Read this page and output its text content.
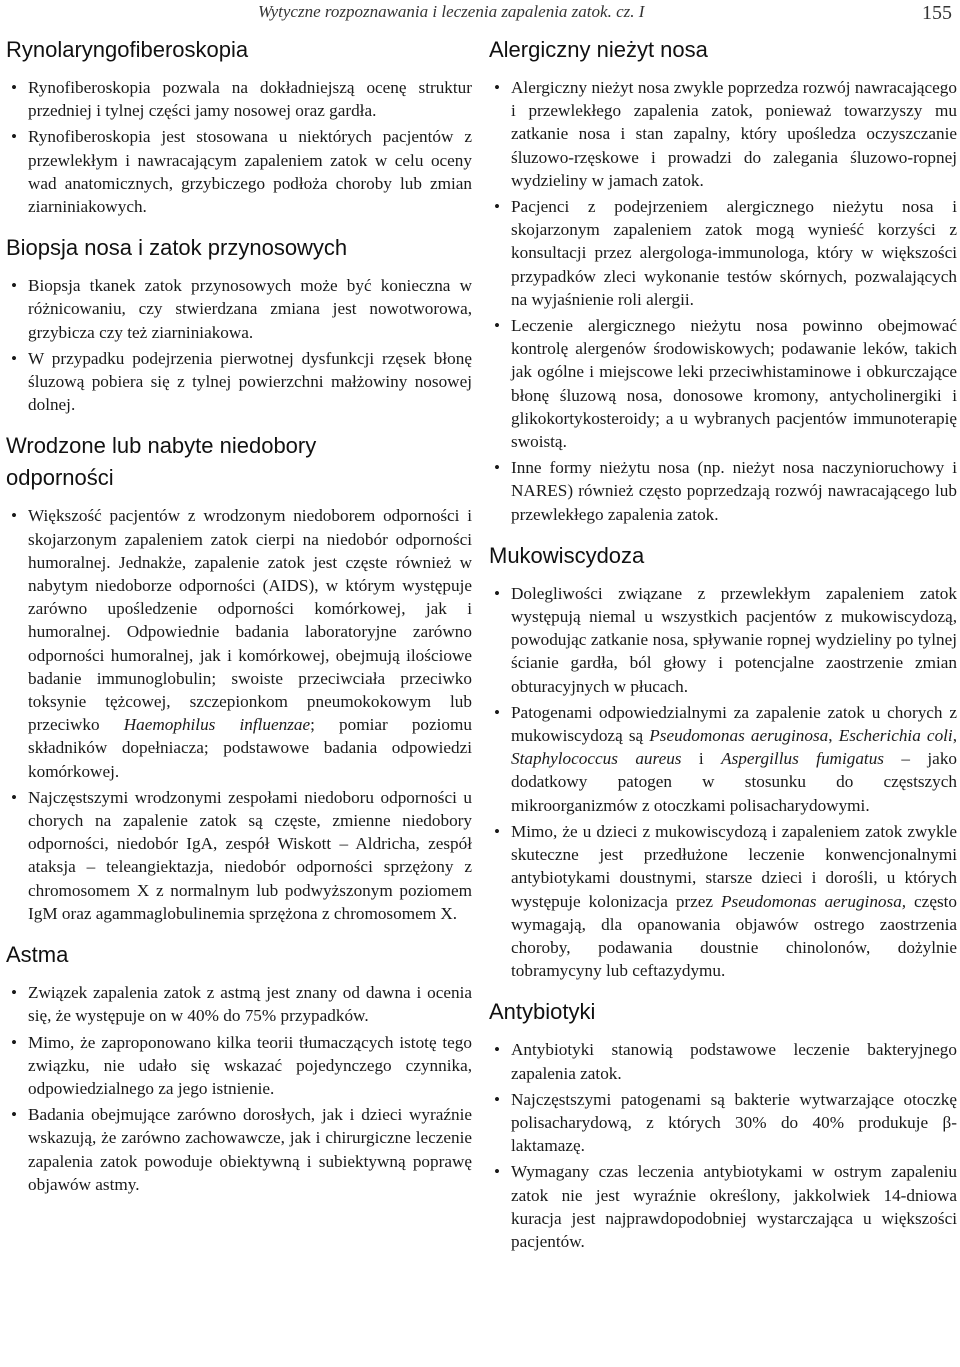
Wytyczne rozpoznawania i leczenia zapalenia zatok. cz. I	155
Rynolaryngofiberoskopia
• Rynofiberoskopia pozwala na dokładniejszą ocenę struktur przedniej i tylnej części jamy nosowej oraz gardła.
• Rynofiberoskopia jest stosowana u niektórych pacjentów z przewlekłym i nawracającym zapaleniem zatok w celu oceny wad anatomicznych, grzybiczego podłoża choroby lub zmian ziarniniakowych.
Biopsja nosa i zatok przynosowych
• Biopsja tkanek zatok przynosowych może być konieczna w różnicowaniu, czy stwierdzana zmiana jest nowotworowa, grzybicza czy też ziarniniakowa.
• W przypadku podejrzenia pierwotnej dysfunkcji rzęsek błonę śluzową pobiera się z tylnej powierzchni małżowiny nosowej dolnej.
Wrodzone lub nabyte niedobory
odporności
• Większość pacjentów z wrodzonym niedoborem odporności i skojarzonym zapaleniem zatok cierpi na niedobór odporności humoralnej. Jednakże, zapalenie zatok jest częste również w nabytym niedoborze odporności (AIDS), w którym występuje zarówno upośledzenie odporności komórkowej, jak i humoralnej. Odpowiednie badania laboratoryjne zarówno odporności humoralnej, jak i komórkowej, obejmują ilościowe badanie immunoglobulin; swoiste przeciwciała przeciwko toksynie tężcowej, szczepionkom pneumokokowym lub przeciwko Haemophilus influenzae; pomiar poziomu składników dopełniacza; podstawowe badania odpowiedzi komórkowej.
• Najczęstszymi wrodzonymi zespołami niedoboru odporności u chorych na zapalenie zatok są częste, zmienne niedobory odporności, niedobór IgA, zespół Wiskott – Aldricha, zespół ataksja – teleangiektazja, niedobór odporności sprzężony z chromosomem X z normalnym lub podwyższonym poziomem IgM oraz agammaglobulinemia sprzężona z chromosomem X.
Astma
• Związek zapalenia zatok z astmą jest znany od dawna i ocenia się, że występuje on w 40% do 75% przypadków.
• Mimo, że zaproponowano kilka teorii tłumaczących istotę tego związku, nie udało się wskazać pojedynczego czynnika, odpowiedzialnego za jego istnienie.
• Badania obejmujące zarówno dorosłych, jak i dzieci wyraźnie wskazują, że zarówno zachowawcze, jak i chirurgiczne leczenie zapalenia zatok powoduje obiektywną i subiektywną poprawę objawów astmy.
Alergiczny nieżyt nosa
• Alergiczny nieżyt nosa zwykle poprzedza rozwój nawracającego i przewlekłego zapalenia zatok, ponieważ towarzyszy mu zatkanie nosa i stan zapalny, który upośledza oczyszczanie śluzowo-rzęskowe i prowadzi do zalegania śluzowo-ropnej wydzieliny w jamach zatok.
• Pacjenci z podejrzeniem alergicznego nieżytu nosa i skojarzonym zapaleniem zatok mogą wynieść korzyści z konsultacji przez alergologa-immunologa, który w większości przypadków zleci wykonanie testów skórnych, pozwalających na wyjaśnienie roli alergii.
• Leczenie alergicznego nieżytu nosa powinno obejmować kontrolę alergenów środowiskowych; podawanie leków, takich jak ogólne i miejscowe leki przeciwhistaminowe i obkurczające błonę śluzową nosa, donosowe kromony, antycholinergiki i glikokortykosteroidy; a u wybranych pacjentów immunoterapię swoistą.
• Inne formy nieżytu nosa (np. nieżyt nosa naczynioruchowy i NARES) również często poprzedzają rozwój nawracającego lub przewlekłego zapalenia zatok.
Mukowiscydoza
• Dolegliwości związane z przewlekłym zapaleniem zatok występują niemal u wszystkich pacjentów z mukowiscydozą, powodując zatkanie nosa, spływanie ropnej wydzieliny po tylnej ścianie gardła, ból głowy i potencjalne zaostrzenie zmian obturacyjnych w płucach.
• Patogenami odpowiedzialnymi za zapalenie zatok u chorych z mukowiscydozą są Pseudomonas aeruginosa, Escherichia coli, Staphylococcus aureus i Aspergillus fumigatus – jako dodatkowy patogen w stosunku do częstszych mikroorganizmów z otoczkami polisacharydowymi.
• Mimo, że u dzieci z mukowiscydozą i zapaleniem zatok zwykle skuteczne jest przedłużone leczenie konwencjonalnymi antybiotykami doustnymi, starsze dzieci i dorośli, u których występuje kolonizacja przez Pseudomonas aeruginosa, często wymagają, dla opanowania objawów ostrego zaostrzenia choroby, podawania doustnie chinolonów, dożylnie tobramycyny lub ceftazydymu.
Antybiotyki
• Antybiotyki stanowią podstawowe leczenie bakteryjnego zapalenia zatok.
• Najczęstszymi patogenami są bakterie wytwarzające otoczkę polisacharydową, z których 30% do 40% produkuje β-laktamazę.
• Wymagany czas leczenia antybiotykami w ostrym zapaleniu zatok nie jest wyraźnie określony, jakkolwiek 14-dniowa kuracja jest najprawdopodobniej wystarczająca u większości pacjentów.
